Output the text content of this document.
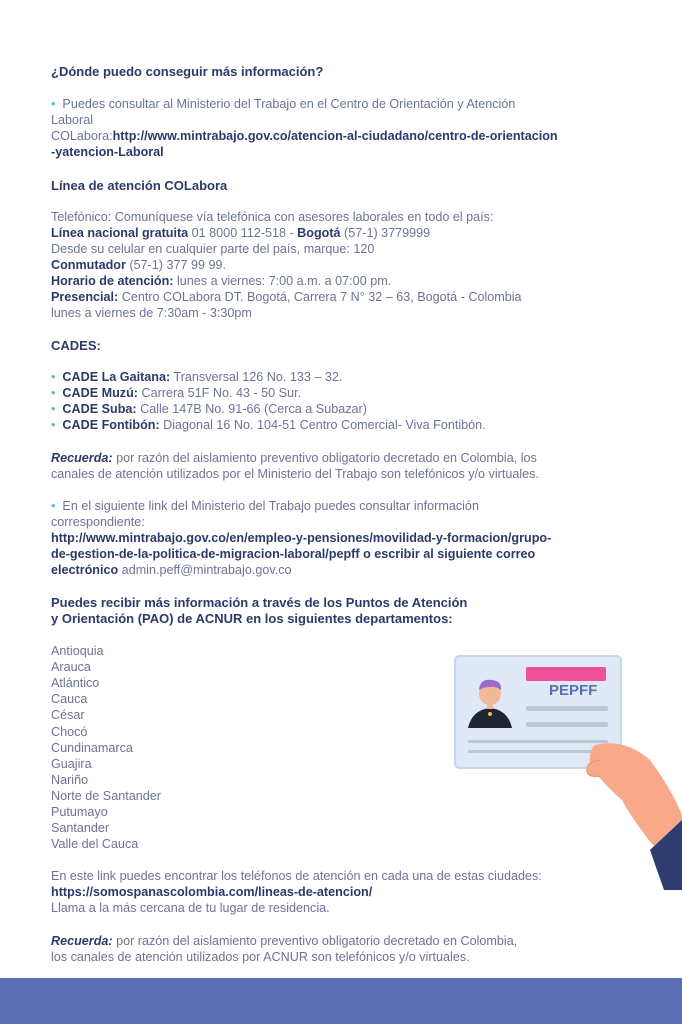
¿Dónde puedo conseguir más información?
• Puedes consultar al Ministerio del Trabajo en el Centro de Orientación y Atención
Laboral
COLabora:http://www.mintrabajo.gov.co/atencion-al-ciudadano/centro-de-orientacion
-yatencion-Laboral
Línea de atención COLabora
Telefónico: Comuníquese vía telefónica con asesores laborales en todo el país:
Línea nacional gratuita 01 8000 112-518 - Bogotá (57-1) 3779999
Desde su celular en cualquier parte del país, marque: 120
Conmutador (57-1) 377 99 99.
Horario de atención: lunes a viernes: 7:00 a.m. a 07:00 pm.
Presencial: Centro COLabora DT. Bogotá, Carrera 7 N° 32 – 63, Bogotá - Colombia
lunes a viernes de 7:30am - 3:30pm
CADES:
• CADE La Gaitana: Transversal 126 No. 133 – 32.
• CADE Muzú: Carrera 51F No. 43 - 50 Sur.
• CADE Suba: Calle 147B No. 91-66 (Cerca a Subazar)
• CADE Fontibón: Diagonal 16 No. 104-51 Centro Comercial- Viva Fontibón.
Recuerda: por razón del aislamiento preventivo obligatorio decretado en Colombia, los
canales de atención utilizados por el Ministerio del Trabajo son telefónicos y/o virtuales.
• En el siguiente link del Ministerio del Trabajo puedes consultar información
correspondiente:
http://www.mintrabajo.gov.co/en/empleo-y-pensiones/movilidad-y-formacion/grupo-
de-gestion-de-la-politica-de-migracion-laboral/pepff o escribir al siguiente correo
electrónico admin.peff@mintrabajo.gov.co
Puedes recibir más información a través de los Puntos de Atención
y Orientación (PAO) de ACNUR en los siguientes departamentos:
Antioquia
Arauca
Atlántico
Cauca
César
Chocó
Cundinamarca
Guajira
Nariño
Norte de Santander
Putumayo
Santander
Valle del Cauca
PEPFF
En este link puedes encontrar los teléfonos de atención en cada una de estas ciudades:
https://somospanascolombia.com/lineas-de-atencion/
Llama a la más cercana de tu lugar de residencia.
Recuerda: por razón del aislamiento preventivo obligatorio decretado en Colombia,
los canales de atención utilizados por ACNUR son telefónicos y/o virtuales.
